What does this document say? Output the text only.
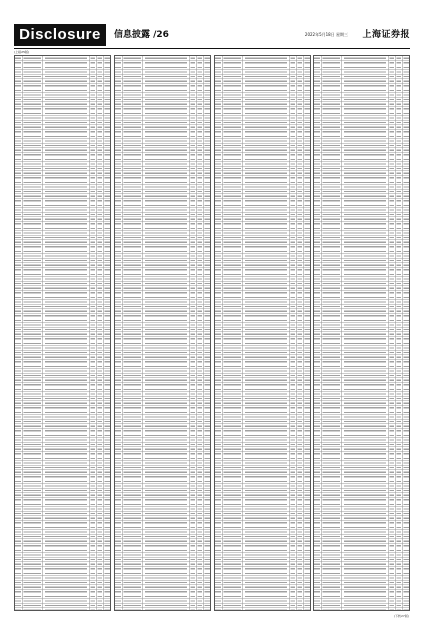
Disclosure	信息披露 /26	2022年5月18日 星期三 上海证券报
(上接25版)
(下转27版)
